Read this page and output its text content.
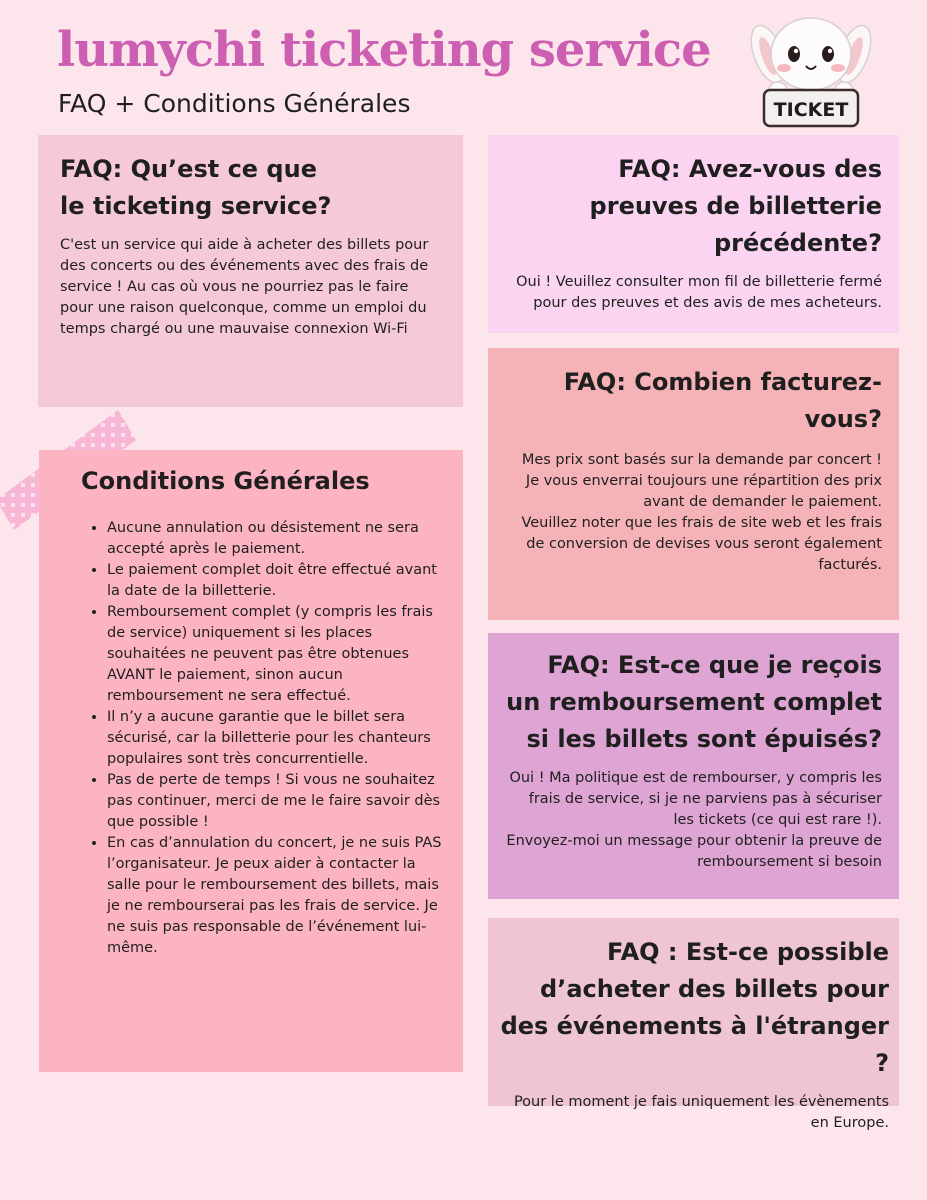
lumychi ticketing service
FAQ + Conditions Générales	TICKET
FAQ: Qu’est ce que
le ticketing service?

C'est un service qui aide à acheter des billets pour des concerts ou des événements avec des frais de service ! Au cas où vous ne pourriez pas le faire pour une raison quelconque, comme un emploi du temps chargé ou une mauvaise connexion Wi-Fi

FAQ: Avez-vous des preuves de billetterie précédente?

Oui ! Veuillez consulter mon fil de billetterie fermé pour des preuves et des avis de mes acheteurs.

FAQ: Combien facturez-vous?

Mes prix sont basés sur la demande par concert ! Je vous enverrai toujours une répartition des prix avant de demander le paiement.
Veuillez noter que les frais de site web et les frais de conversion de devises vous seront également facturés.

FAQ: Est-ce que je reçois un remboursement complet si les billets sont épuisés?

Oui ! Ma politique est de rembourser, y compris les frais de service, si je ne parviens pas à sécuriser les tickets (ce qui est rare !).
Envoyez-moi un message pour obtenir la preuve de remboursement si besoin

FAQ : Est-ce possible d’acheter des billets pour des événements à l'étranger ?

Pour le moment je fais uniquement les évènements en Europe.

Conditions Générales
• Aucune annulation ou désistement ne sera accepté après le paiement.
• Le paiement complet doit être effectué avant la date de la billetterie.
• Remboursement complet (y compris les frais de service) uniquement si les places souhaitées ne peuvent pas être obtenues AVANT le paiement, sinon aucun remboursement ne sera effectué.
• Il n’y a aucune garantie que le billet sera sécurisé, car la billetterie pour les chanteurs populaires sont très concurrentielle.
• Pas de perte de temps ! Si vous ne souhaitez pas continuer, merci de me le faire savoir dès que possible !
• En cas d’annulation du concert, je ne suis PAS l’organisateur. Je peux aider à contacter la salle pour le remboursement des billets, mais je ne rembourserai pas les frais de service. Je ne suis pas responsable de l’événement lui-même.
